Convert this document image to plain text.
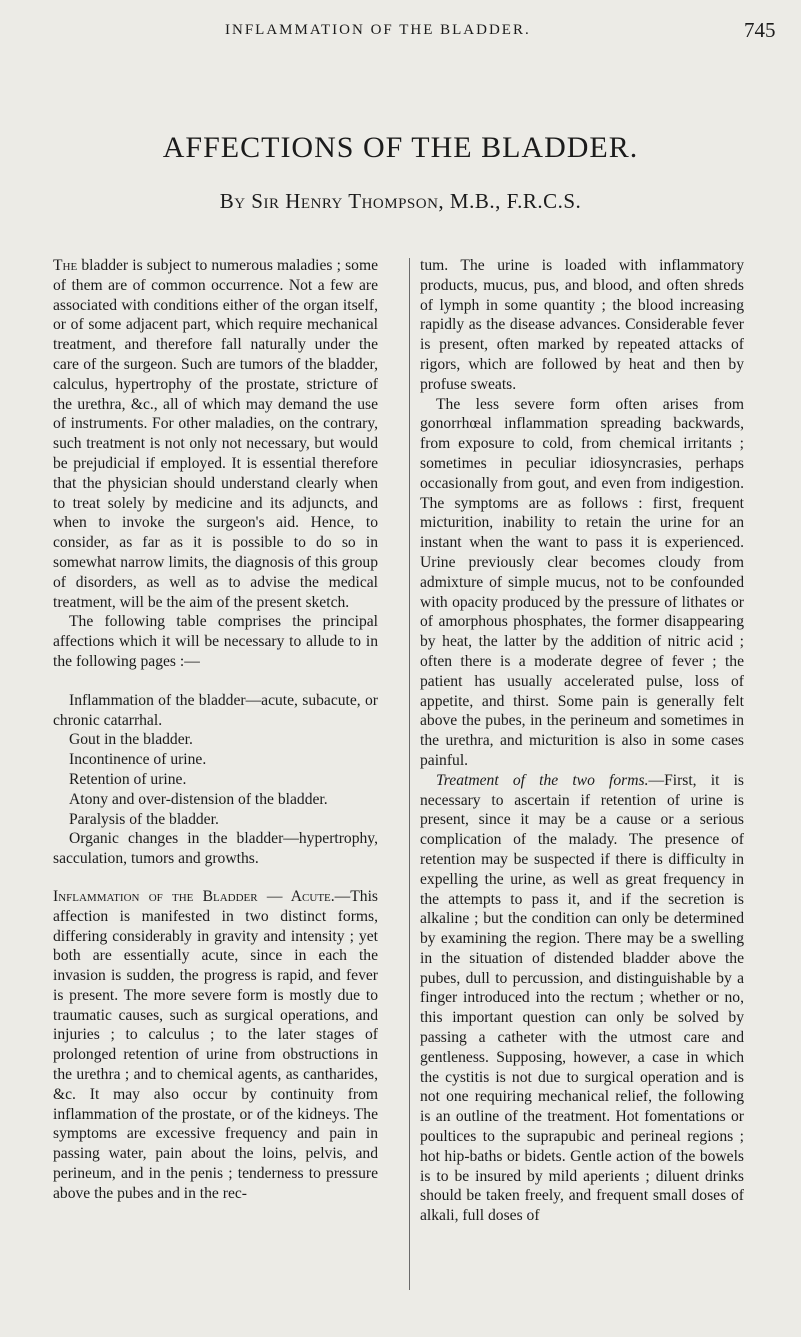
INFLAMMATION OF THE BLADDER.	745
AFFECTIONS OF THE BLADDER.
By Sir Henry Thompson, M.B., F.R.C.S.

The bladder is subject to numerous maladies ; some of them are of common occurrence. Not a few are associated with conditions either of the organ itself, or of some adjacent part, which require mechanical treatment, and therefore fall naturally under the care of the surgeon. Such are tumors of the bladder, calculus, hypertrophy of the prostate, stricture of the urethra, &c., all of which may demand the use of instruments. For other maladies, on the contrary, such treatment is not only not necessary, but would be prejudicial if employed. It is essential therefore that the physician should understand clearly when to treat solely by medicine and its adjuncts, and when to invoke the surgeon's aid. Hence, to consider, as far as it is possible to do so in somewhat narrow limits, the diagnosis of this group of disorders, as well as to advise the medical treatment, will be the aim of the present sketch.

The following table comprises the principal affections which it will be necessary to allude to in the following pages :—

Inflammation of the bladder—acute, subacute, or chronic catarrhal.
Gout in the bladder.
Incontinence of urine.
Retention of urine.
Atony and over-distension of the bladder.
Paralysis of the bladder.
Organic changes in the bladder—hypertrophy, sacculation, tumors and growths.

Inflammation of the Bladder — Acute.—This affection is manifested in two distinct forms, differing considerably in gravity and intensity ; yet both are essentially acute, since in each the invasion is sudden, the progress is rapid, and fever is present. The more severe form is mostly due to traumatic causes, such as surgical operations, and injuries ; to calculus ; to the later stages of prolonged retention of urine from obstructions in the urethra ; and to chemical agents, as cantharides, &c. It may also occur by continuity from inflammation of the prostate, or of the kidneys. The symptoms are excessive frequency and pain in passing water, pain about the loins, pelvis, and perineum, and in the penis ; tenderness to pressure above the pubes and in the rec-

tum. The urine is loaded with inflammatory products, mucus, pus, and blood, and often shreds of lymph in some quantity ; the blood increasing rapidly as the disease advances. Considerable fever is present, often marked by repeated attacks of rigors, which are followed by heat and then by profuse sweats.

The less severe form often arises from gonorrhœal inflammation spreading backwards, from exposure to cold, from chemical irritants ; sometimes in peculiar idiosyncrasies, perhaps occasionally from gout, and even from indigestion. The symptoms are as follows : first, frequent micturition, inability to retain the urine for an instant when the want to pass it is experienced. Urine previously clear becomes cloudy from admixture of simple mucus, not to be confounded with opacity produced by the pressure of lithates or of amorphous phosphates, the former disappearing by heat, the latter by the addition of nitric acid ; often there is a moderate degree of fever ; the patient has usually accelerated pulse, loss of appetite, and thirst. Some pain is generally felt above the pubes, in the perineum and sometimes in the urethra, and micturition is also in some cases painful.

Treatment of the two forms.—First, it is necessary to ascertain if retention of urine is present, since it may be a cause or a serious complication of the malady. The presence of retention may be suspected if there is difficulty in expelling the urine, as well as great frequency in the attempts to pass it, and if the secretion is alkaline ; but the condition can only be determined by examining the region. There may be a swelling in the situation of distended bladder above the pubes, dull to percussion, and distinguishable by a finger introduced into the rectum ; whether or no, this important question can only be solved by passing a catheter with the utmost care and gentleness. Supposing, however, a case in which the cystitis is not due to surgical operation and is not one requiring mechanical relief, the following is an outline of the treatment. Hot fomentations or poultices to the suprapubic and perineal regions ; hot hip-baths or bidets. Gentle action of the bowels is to be insured by mild aperients ; diluent drinks should be taken freely, and frequent small doses of alkali, full doses of
